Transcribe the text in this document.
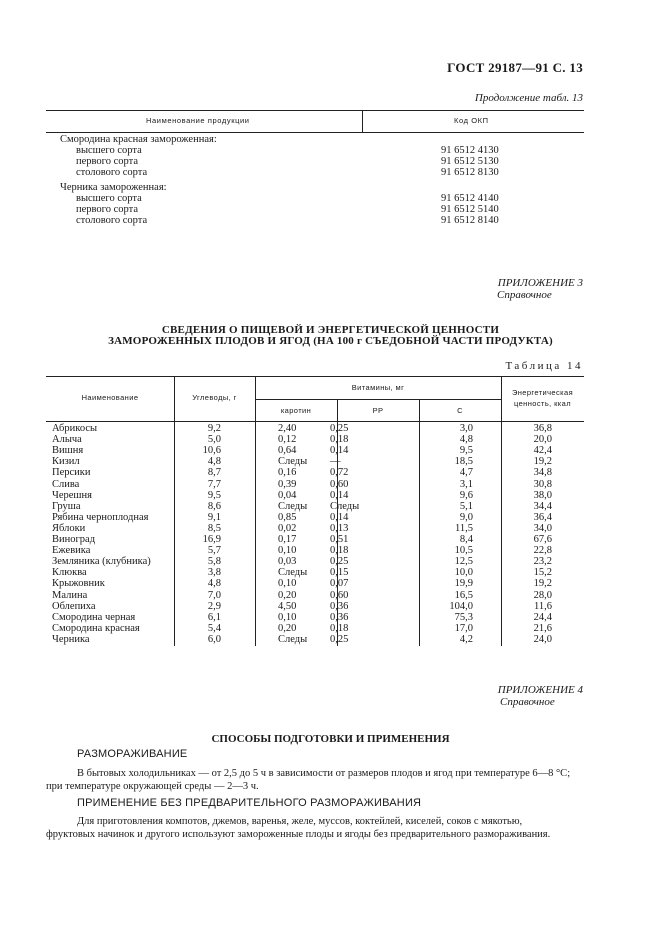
ГОСТ 29187—91 С. 13
Продолжение табл. 13
Наименование продукции	Код ОКП
Смородина красная замороженная:
высшего сорта	91 6512 4130
первого сорта	91 6512 5130
столового сорта	91 6512 8130
Черника замороженная:
высшего сорта	91 6512 4140
первого сорта	91 6512 5140
столового сорта	91 6512 8140
ПРИЛОЖЕНИЕ 3
Справочное
СВЕДЕНИЯ О ПИЩЕВОЙ И ЭНЕРГЕТИЧЕСКОЙ ЦЕННОСТИ
ЗАМОРОЖЕННЫХ ПЛОДОВ И ЯГОД (НА 100 г СЪЕДОБНОЙ ЧАСТИ ПРОДУКТА)
Таблица 14
Наименование	Углеводы, г
Витамины, мг
каротин	PP	С
Энергетическая
ценность, ккал
Абрикосы	9,2	2,40	0,25	3,0	36,8
Алыча	5,0	0,12	0,18	4,8	20,0
Вишня	10,6	0,64	0,14	9,5	42,4
Кизил	4,8	Следы —	18,5	19,2
Персики	8,7	0,16	0,72	4,7	34,8
Слива	7,7	0,39	0,60	3,1	30,8
Черешня	9,5	0,04	0,14	9,6	38,0
Груша	8,6	Следы Следы	5,1	34,4
Рябина черноплодная	9,1	0,85	0,14	9,0	36,4
Яблоки	8,5	0,02	0,13	11,5	34,0
Виноград	16,9	0,17	0,51	8,4	67,6
Ежевика	5,7	0,10	0,18	10,5	22,8
Земляника (клубника)	5,8	0,03	0,25	12,5	23,2
Клюква	3,8	Следы 0,15	10,0	15,2
Крыжовник	4,8	0,10	0,07	19,9	19,2
Малина	7,0	0,20	0,60	16,5	28,0
Облепиха	2,9	4,50	0,36	104,0	11,6
Смородина черная	6,1	0,10	0,36	75,3	24,4
Смородина красная	5,4	0,20	0,18	17,0	21,6
Черника	6,0	Следы 0,25	4,2	24,0
ПРИЛОЖЕНИЕ 4
Справочное
СПОСОБЫ ПОДГОТОВКИ И ПРИМЕНЕНИЯ
РАЗМОРАЖИВАНИЕ
В бытовых холодильниках — от 2,5 до 5 ч в зависимости от размеров плодов и ягод при температуре 6—8 °С;
при температуре окружающей среды — 2—3 ч.
ПРИМЕНЕНИЕ БЕЗ ПРЕДВАРИТЕЛЬНОГО РАЗМОРАЖИВАНИЯ
Для приготовления компотов, джемов, варенья, желе, муссов, коктейлей, киселей, соков с мякотью,
фруктовых начинок и другого используют замороженные плоды и ягоды без предварительного размораживания.
